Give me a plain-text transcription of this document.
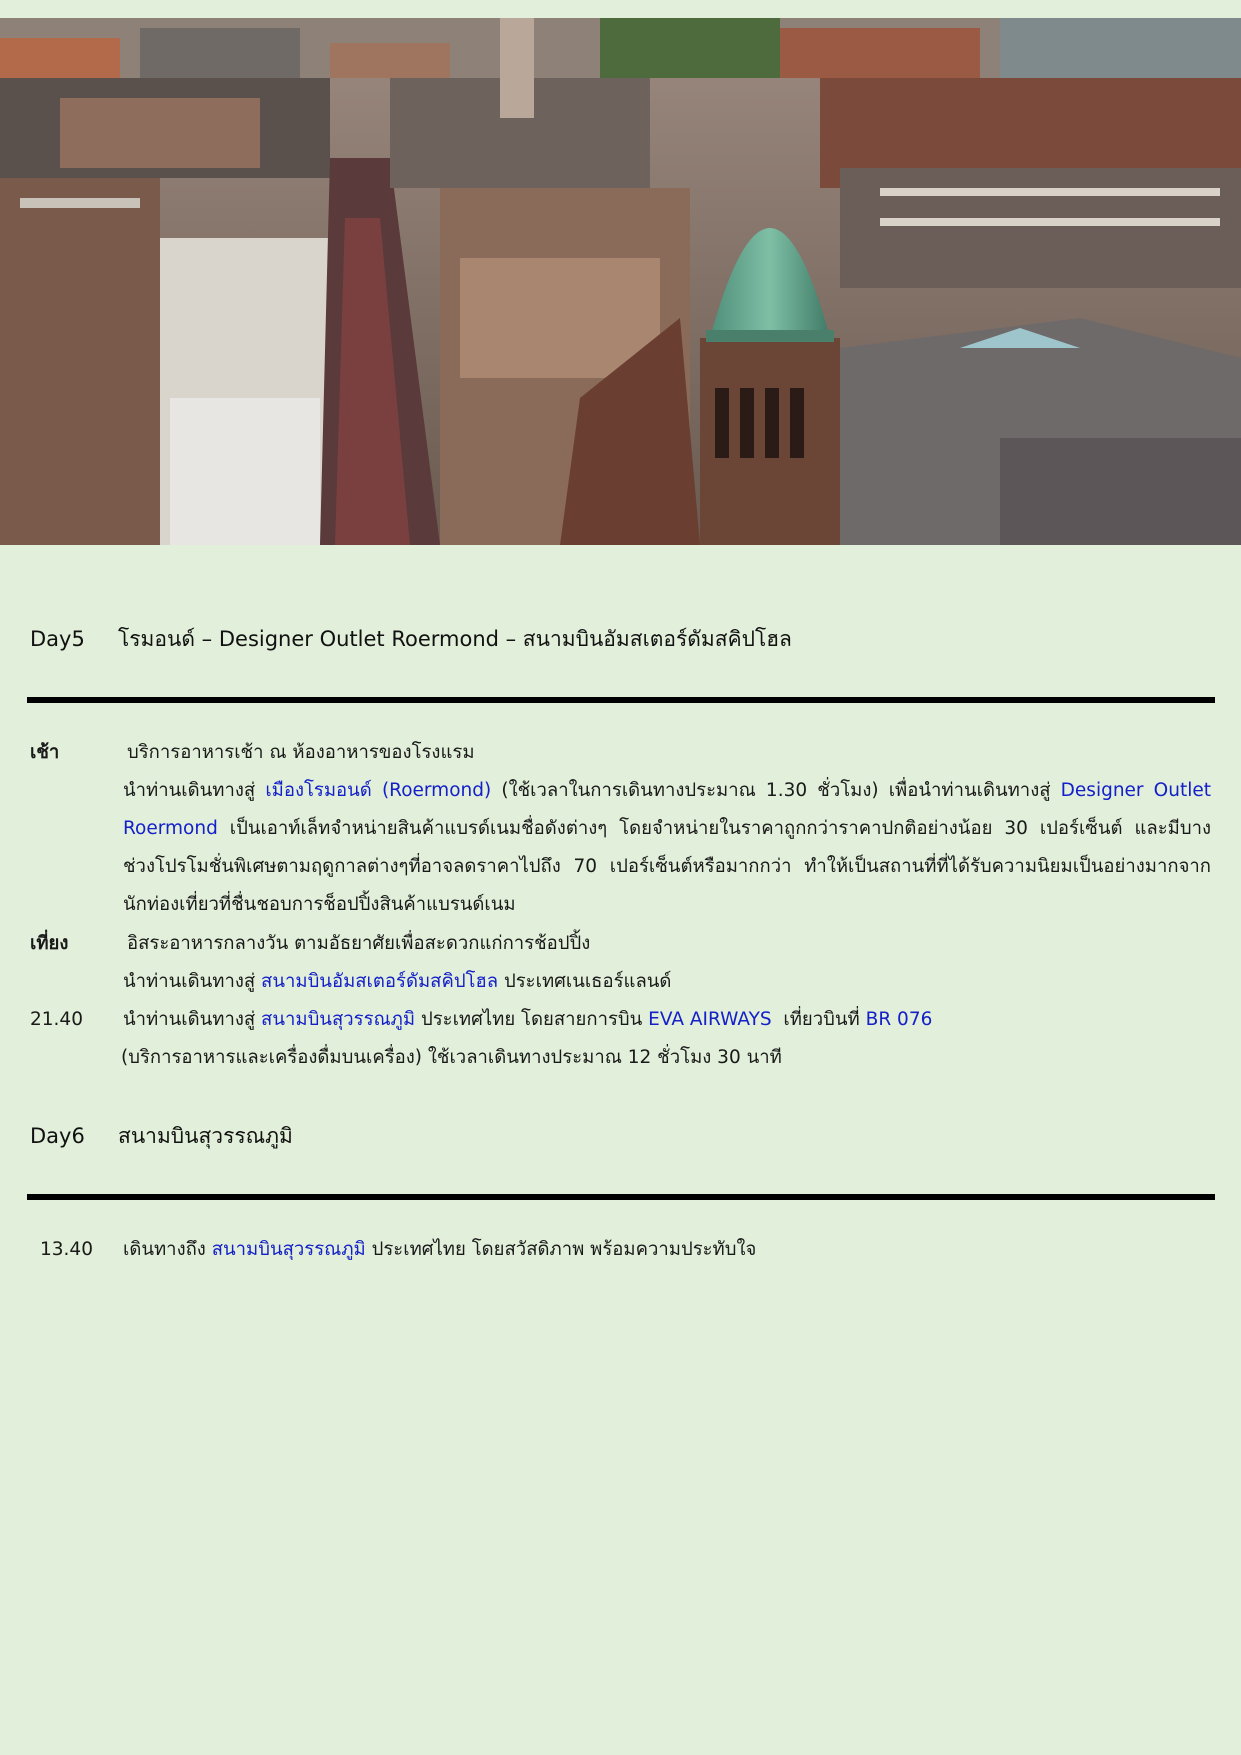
Day5	โรมอนด์ – Designer Outlet Roermond – สนามบินอัมสเตอร์ดัมสคิปโฮล
เช้า	บริการอาหารเช้า ณ ห้องอาหารของโรงแรม
นำท่านเดินทางสู่ เมืองโรมอนด์ (Roermond) (ใช้เวลาในการเดินทางประมาณ 1.30 ชั่วโมง) เพื่อนำท่านเดินทางสู่ Designer Outlet Roermond เป็นเอาท์เล็ทจำหน่ายสินค้าแบรด์เนมชื่อดังต่างๆ โดยจำหน่ายในราคาถูกกว่าราคาปกติอย่างน้อย 30 เปอร์เซ็นต์ และมีบางช่วงโปรโมชั่นพิเศษตามฤดูกาลต่างๆที่อาจลดราคาไปถึง 70 เปอร์เซ็นต์หรือมากกว่า ทำให้เป็นสถานที่ที่ได้รับความนิยมเป็นอย่างมากจากนักท่องเที่ยวที่ชื่นชอบการช็อปปิ้งสินค้าแบรนด์เนม
เที่ยง	อิสระอาหารกลางวัน ตามอัธยาศัยเพื่อสะดวกแก่การช้อปปิ้ง
นำท่านเดินทางสู่ สนามบินอัมสเตอร์ดัมสคิปโฮล ประเทศเนเธอร์แลนด์
21.40 นำท่านเดินทางสู่ สนามบินสุวรรณภูมิ ประเทศไทย โดยสายการบิน EVA AIRWAYS  เที่ยวบินที่ BR 076
(บริการอาหารและเครื่องดื่มบนเครื่อง) ใช้เวลาเดินทางประมาณ 12 ชั่วโมง 30 นาที
Day6	สนามบินสุวรรณภูมิ
13.40 เดินทางถึง สนามบินสุวรรณภูมิ ประเทศไทย โดยสวัสดิภาพ พร้อมความประทับใจ
